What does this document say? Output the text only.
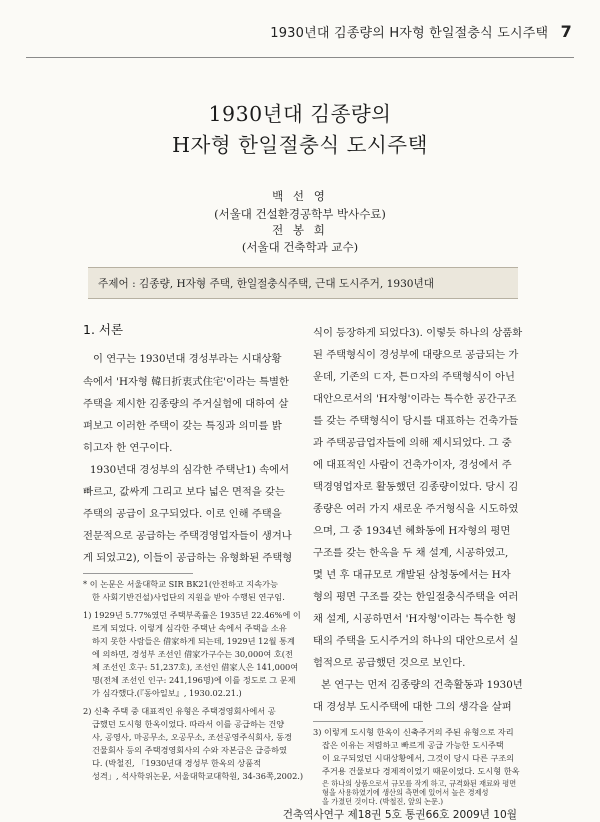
1930년대 김종량의 H자형 한일절충식 도시주택 7
1930년대 김종량의
H자형 한일절충식 도시주택
백 선 영
(서울대 건설환경공학부 박사수료)
전 봉 희
(서울대 건축학과 교수)
주제어 : 김종량, H자형 주택, 한일절충식주택, 근대 도시주거, 1930년대
1. 서론
이 연구는 1930년대 경성부라는 시대상황
속에서 'H자형 韓日折衷式住宅'이라는 특별한
주택을 제시한 김종량의 주거실험에 대하여 살
펴보고 이러한 주택이 갖는 특징과 의미를 밝
히고자 한 연구이다.
1930년대 경성부의 심각한 주택난1) 속에서
빠르고, 값싸게 그리고 보다 넓은 면적을 갖는
주택의 공급이 요구되었다. 이로 인해 주택을
전문적으로 공급하는 주택경영업자들이 생겨나
게 되었고2), 이들이 공급하는 유형화된 주택형
* 이 논문은 서울대학교 SIR BK21(안전하고 지속가능
한 사회기반건설)사업단의 지원을 받아 수행된 연구임.
1) 1929년 5.77%였던 주택부족률은 1935년 22.46%에 이
르게 되었다. 이렇게 심각한 주택난 속에서 주택을 소유
하지 못한 사람들은 借家하게 되는데, 1929년 12월 통계
에 의하면, 경성부 조선인 借家가구수는 30,000여 호(전
체 조선인 호구: 51,237호), 조선인 借家人은 141,000여
명(전체 조선인 인구: 241,196명)에 이를 정도로 그 문제
가 심각했다.(『동아일보』, 1930.02.21.)
2) 신축 주택 중 대표적인 유형은 주택경영회사에서 공
급했던 도시형 한옥이었다. 따라서 이를 공급하는 건양
사, 공영사, 마공무소, 오공무소, 조선공영주식회사, 동경
건물회사 등의 주택경영회사의 수와 자본금은 급증하였
다. (박철진, 「1930년대 경성부 한옥의 상품적
성격」, 석사학위논문, 서울대학교대학원, 34-36쪽,2002.)
식이 등장하게 되었다3). 이렇듯 하나의 상품화
된 주택형식이 경성부에 대량으로 공급되는 가
운데, 기존의 ㄷ자, 튼ㅁ자의 주택형식이 아닌
대안으로서의 'H자형'이라는 특수한 공간구조
를 갖는 주택형식이 당시를 대표하는 건축가들
과 주택공급업자들에 의해 제시되었다. 그 중
에 대표적인 사람이 건축가이자, 경성에서 주
택경영업자로 활동했던 김종량이었다. 당시 김
종량은 여러 가지 새로운 주거형식을 시도하였
으며, 그 중 1934년 혜화동에 H자형의 평면
구조를 갖는 한옥을 두 채 설계, 시공하였고,
몇 년 후 대규모로 개발된 삼청동에서는 H자
형의 평면 구조를 갖는 한일절충식주택을 여러
채 설계, 시공하면서 'H자형'이라는 특수한 형
태의 주택을 도시주거의 하나의 대안으로서 실
험적으로 공급했던 것으로 보인다.
본 연구는 먼저 김종량의 건축활동과 1930년
대 경성부 도시주택에 대한 그의 생각을 살펴
3) 이렇게 도시형 한옥이 신축주거의 주된 유형으로 자리
잡은 이유는 저렴하고 빠르게 공급 가능한 도시주택
이 요구되었던 시대상황에서, 그것이 당시 다른 구조의
주거용 건물보다 경제적이었기 때문이었다. 도시형 한옥
은 하나의 상품으로서 규모를 작게 하고, 규격화된 재료와 평면
건축역사연구 제18권 5호 통권66호 2009년 10월
형을 사용하였기에 생산의 측면에 있어서 높은 경제성
을 가졌던 것이다. (박철진, 앞의 논문.)
